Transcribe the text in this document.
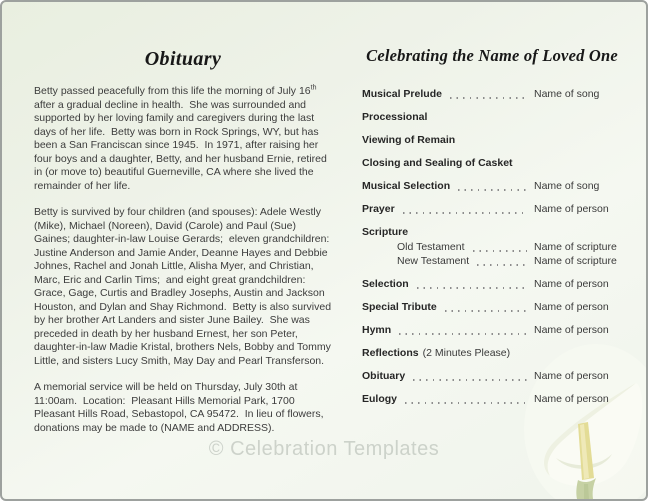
Obituary

Betty passed peacefully from this life the morning of July 16th after a gradual decline in health.  She was surrounded and supported by her loving family and caregivers during the last days of her life.  Betty was born in Rock Springs, WY, but has been a San Franciscan since 1945.  In 1971, after raising her four boys and a daughter, Betty, and her husband Ernie, retired in (or move to) beautiful Guerneville, CA where she lived the remainder of her life.

Betty is survived by four children (and spouses): Adele Westly (Mike), Michael (Noreen), David (Carole) and Paul (Sue) Gaines; daughter-in-law Louise Gerards;  eleven grandchildren: Justine Anderson and Jamie Ander, Deanne Hayes and Debbie Johnes, Rachel and Jonah Little, Alisha Myer, and Christian, Marc, Eric and Carlin Tims;  and eight great grandchildren: Grace, Gage, Curtis and Bradley Josephs, Austin and Jackson Houston, and Dylan and Shay Richmond.  Betty is also survived by her brother Art Landers and sister June Bailey.  She was preceded in death by her husband Ernest, her son Peter, daughter-in-law Madie Kristal, brothers Nels, Bobby and Tommy Little, and sisters Lucy Smith, May Day and Pearl Transferson.

A memorial service will be held on Thursday, July 30th at 11:00am.  Location:  Pleasant Hills Memorial Park, 1700 Pleasant Hills Road, Sebastopol, CA 95472.  In lieu of flowers, donations may be made to (NAME and ADDRESS).

Celebrating the Name of Loved One
Musical Prelude	Name of song
Processional
Viewing of Remain
Closing and Sealing of Casket
Musical Selection	Name of song
Prayer	Name of person
Scripture
Old Testament	Name of scripture
New Testament	Name of scripture
Selection	Name of person
Special Tribute	Name of person
Hymn	Name of person
Reflections (2 Minutes Please)
Obituary	Name of person
Eulogy	Name of person
© Celebration Templates
